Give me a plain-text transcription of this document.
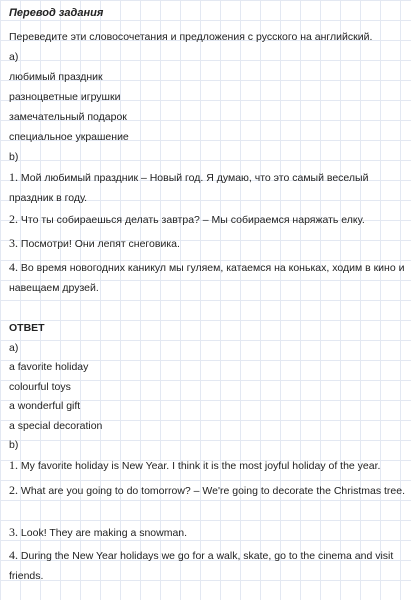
Перевод задания
Переведите эти словосочетания и предложения с русского на английский.
a)
любимый праздник
разноцветные игрушки
замечательный подарок
специальное украшение
b)
1. Мой любимый праздник – Новый год. Я думаю, что это самый веселый праздник в году.
2. Что ты собираешься делать завтра? – Мы собираемся наряжать елку.
3. Посмотри! Они лепят снеговика.
4. Во время новогодних каникул мы гуляем, катаемся на коньках, ходим в кино и навещаем друзей.
ОТВЕТ
a)
a favorite holiday
colourful toys
a wonderful gift
a special decoration
b)
1. My favorite holiday is New Year. I think it is the most joyful holiday of the year.
2. What are you going to do tomorrow? – We're going to decorate the Christmas tree.
3. Look! They are making a snowman.
4. During the New Year holidays we go for a walk, skate, go to the cinema and visit friends.
